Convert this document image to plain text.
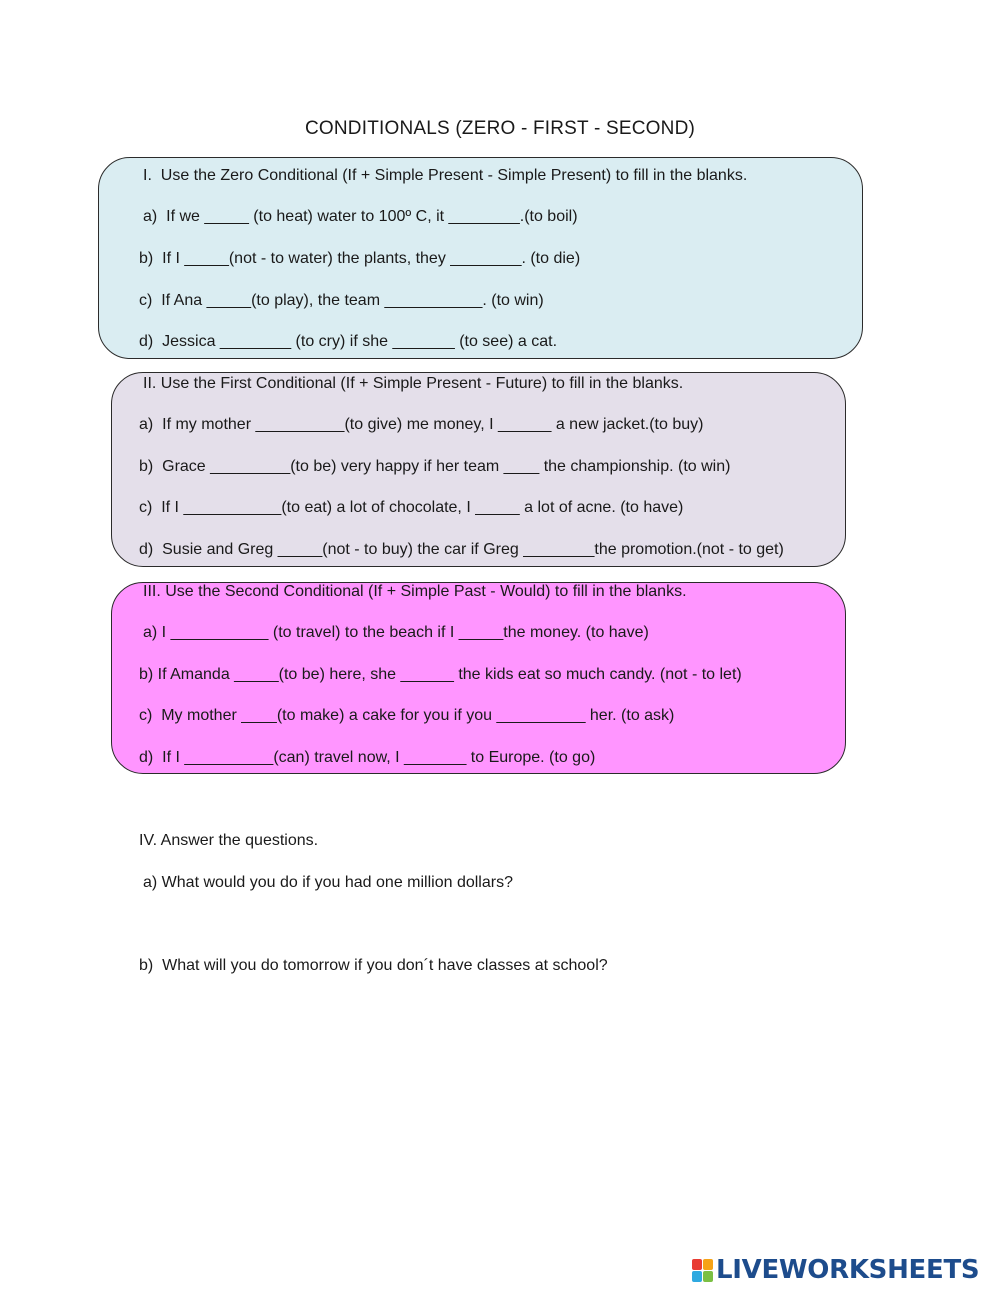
CONDITIONALS (ZERO - FIRST - SECOND)
I.  Use the Zero Conditional (If + Simple Present - Simple Present) to fill in the blanks.
a)  If we _____ (to heat) water to 100º C, it ________.(to boil)
b)  If I _____(not - to water) the plants, they ________. (to die)
c)  If Ana _____(to play), the team ___________. (to win)
d)  Jessica ________ (to cry) if she _______ (to see) a cat.
II. Use the First Conditional (If + Simple Present - Future) to fill in the blanks.
a)  If my mother __________(to give) me money, I ______ a new jacket.(to buy)
b)  Grace _________(to be) very happy if her team ____ the championship. (to win)
c)  If I ___________(to eat) a lot of chocolate, I _____ a lot of acne. (to have)
d)  Susie and Greg _____(not - to buy) the car if Greg ________the promotion.(not - to get)
III. Use the Second Conditional (If + Simple Past - Would) to fill in the blanks.
a) I ___________ (to travel) to the beach if I _____the money. (to have)
b) If Amanda _____(to be) here, she ______ the kids eat so much candy. (not - to let)
c)  My mother ____(to make) a cake for you if you __________ her. (to ask)
d)  If I __________(can) travel now, I _______ to Europe. (to go)
IV. Answer the questions.
a) What would you do if you had one million dollars?
b)  What will you do tomorrow if you don´t have classes at school?
LIVEWORKSHEETS
